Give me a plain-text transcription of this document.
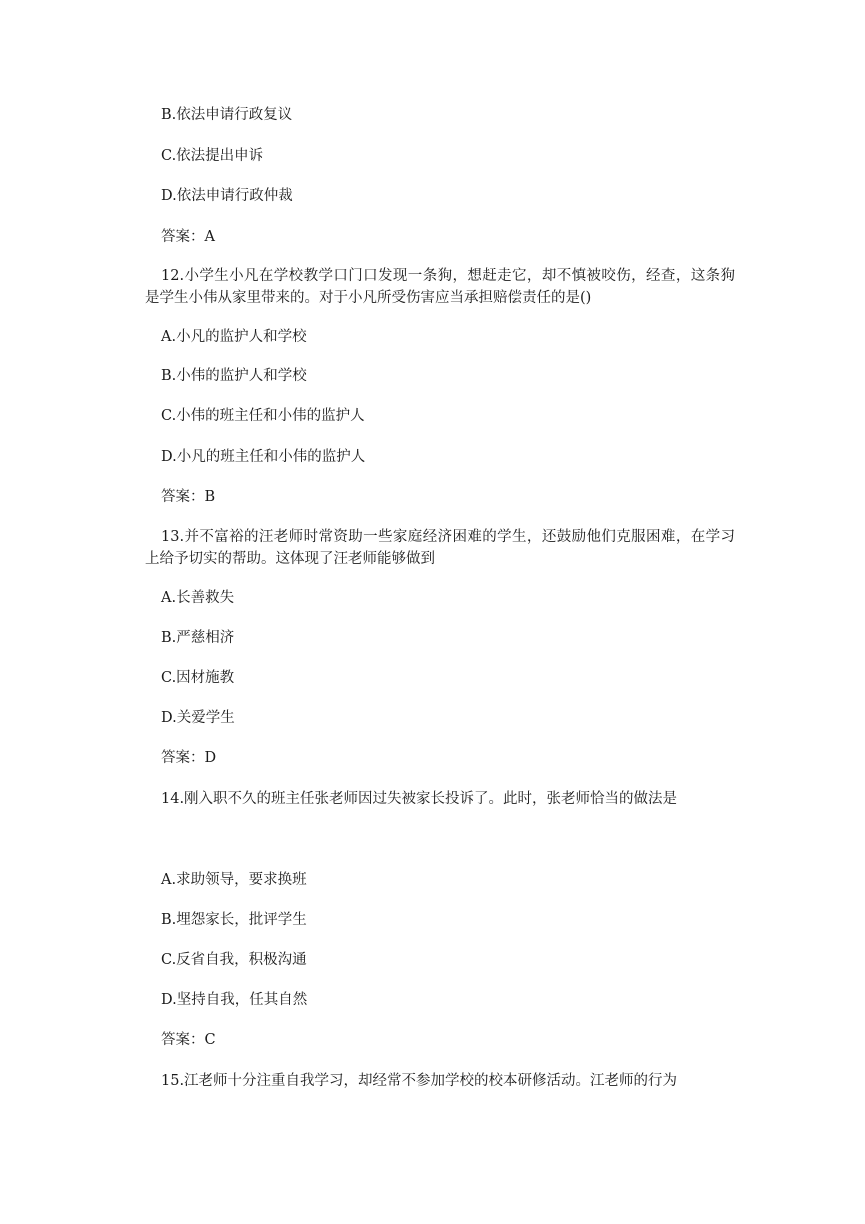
B.依法申请行政复议
C.依法提出申诉
D.依法申请行政仲裁
答案：A
12.小学生小凡在学校教学口门口发现一条狗，想赶走它，却不慎被咬伤，经查，这条狗是学生小伟从家里带来的。对于小凡所受伤害应当承担赔偿责任的是()
A.小凡的监护人和学校
B.小伟的监护人和学校
C.小伟的班主任和小伟的监护人
D.小凡的班主任和小伟的监护人
答案：B
13.并不富裕的汪老师时常资助一些家庭经济困难的学生，还鼓励他们克服困难，在学习上给予切实的帮助。这体现了汪老师能够做到
A.长善救失
B.严慈相济
C.因材施教
D.关爱学生
答案：D
14.刚入职不久的班主任张老师因过失被家长投诉了。此时，张老师恰当的做法是
A.求助领导，要求换班
B.埋怨家长，批评学生
C.反省自我，积极沟通
D.坚持自我，任其自然
答案：C
15.江老师十分注重自我学习，却经常不参加学校的校本研修活动。江老师的行为
